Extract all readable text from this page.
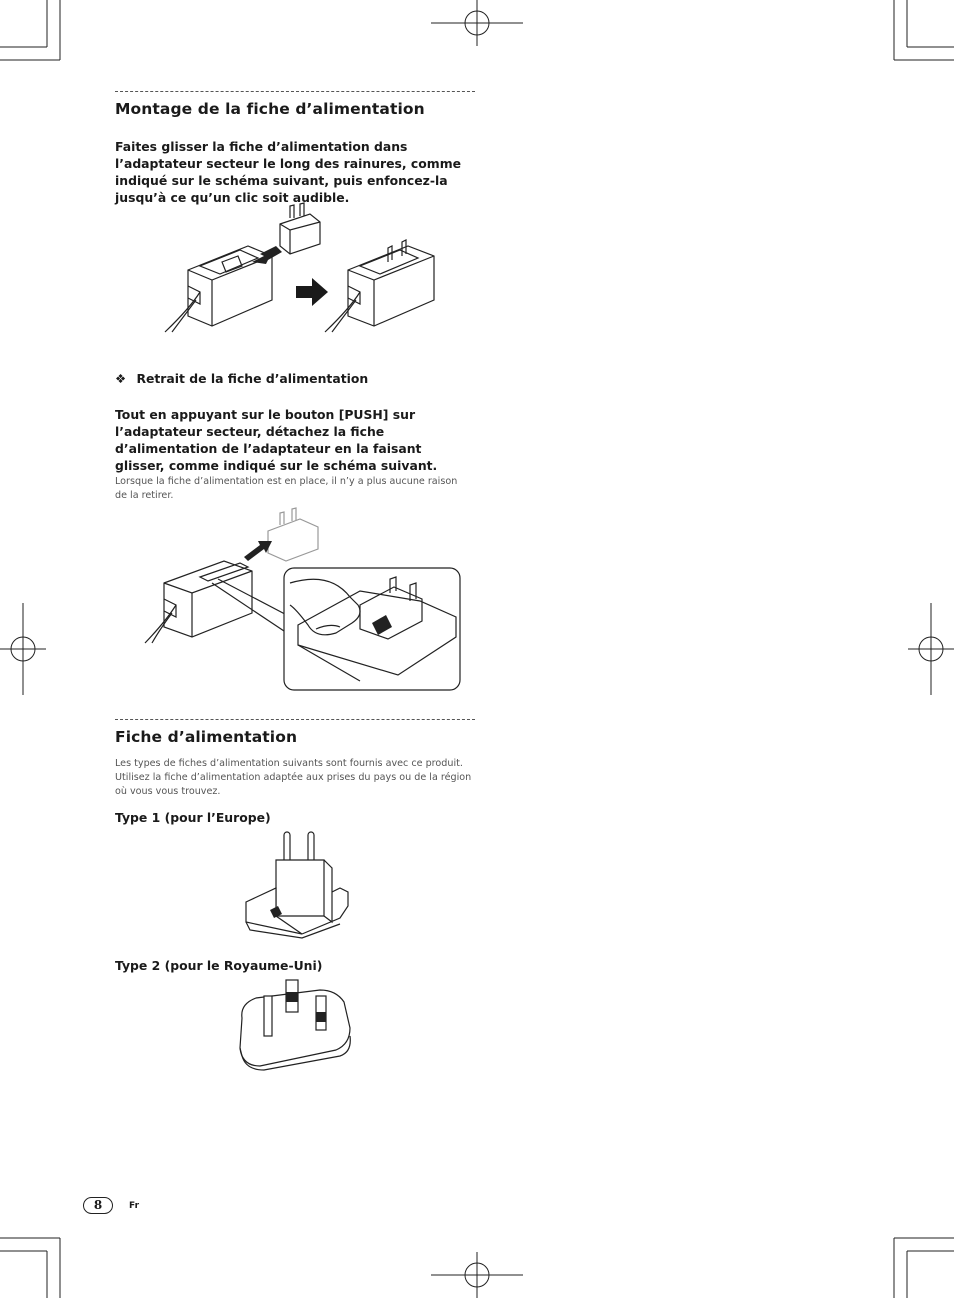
Montage de la fiche d’alimentation
Faites glisser la fiche d’alimentation dans l’adaptateur secteur le long des rainures, comme indiqué sur le schéma suivant, puis enfoncez-la jusqu’à ce qu’un clic soit audible.
❖ Retrait de la fiche d’alimentation
Tout en appuyant sur le bouton [PUSH] sur l’adaptateur secteur, détachez la fiche d’alimentation de l’adaptateur en la faisant glisser, comme indiqué sur le schéma suivant.
Lorsque la fiche d’alimentation est en place, il n’y a plus aucune raison de la retirer.
Fiche d’alimentation
Les types de fiches d’alimentation suivants sont fournis avec ce produit. Utilisez la fiche d’alimentation adaptée aux prises du pays ou de la région où vous vous trouvez.
Type 1 (pour l’Europe)
Type 2 (pour le Royaume-Uni)
8	Fr
